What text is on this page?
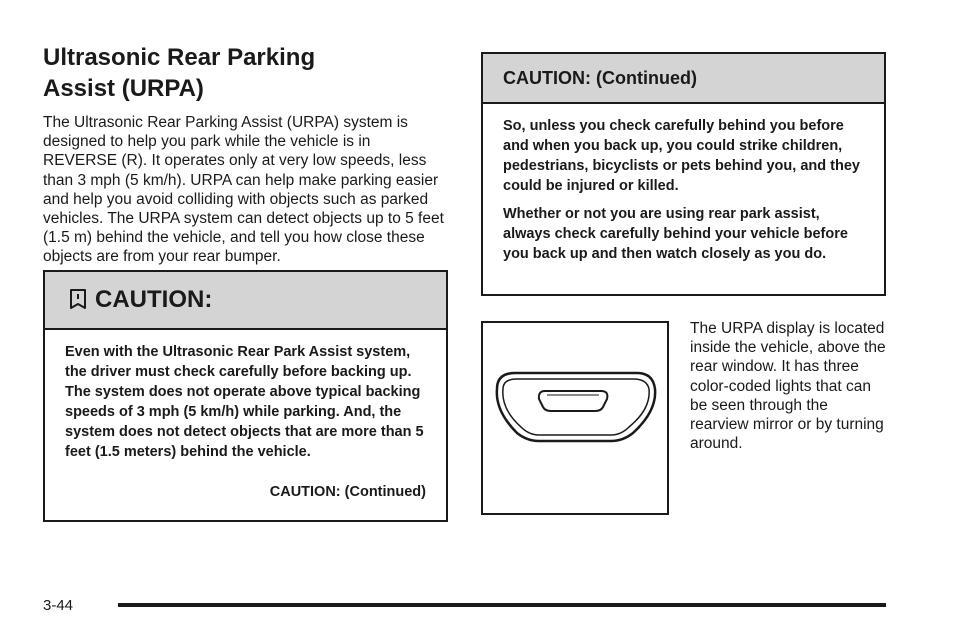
Ultrasonic Rear Parking
Assist (URPA)

The Ultrasonic Rear Parking Assist (URPA) system is designed to help you park while the vehicle is in REVERSE (R). It operates only at very low speeds, less than 3 mph (5 km/h). URPA can help make parking easier and help you avoid colliding with objects such as parked vehicles. The URPA system can detect objects up to 5 feet (1.5 m) behind the vehicle, and tell you how close these objects are from your rear bumper.

CAUTION:

Even with the Ultrasonic Rear Park Assist system, the driver must check carefully before backing up. The system does not operate above typical backing speeds of 3 mph (5 km/h) while parking. And, the system does not detect objects that are more than 5 feet (1.5 meters) behind the vehicle.

CAUTION: (Continued)
CAUTION: (Continued)

So, unless you check carefully behind you before and when you back up, you could strike children, pedestrians, bicyclists or pets behind you, and they could be injured or killed.

Whether or not you are using rear park assist, always check carefully behind your vehicle before you back up and then watch closely as you do.

The URPA display is located inside the vehicle, above the rear window. It has three color-coded lights that can be seen through the rearview mirror or by turning around.

3-44
